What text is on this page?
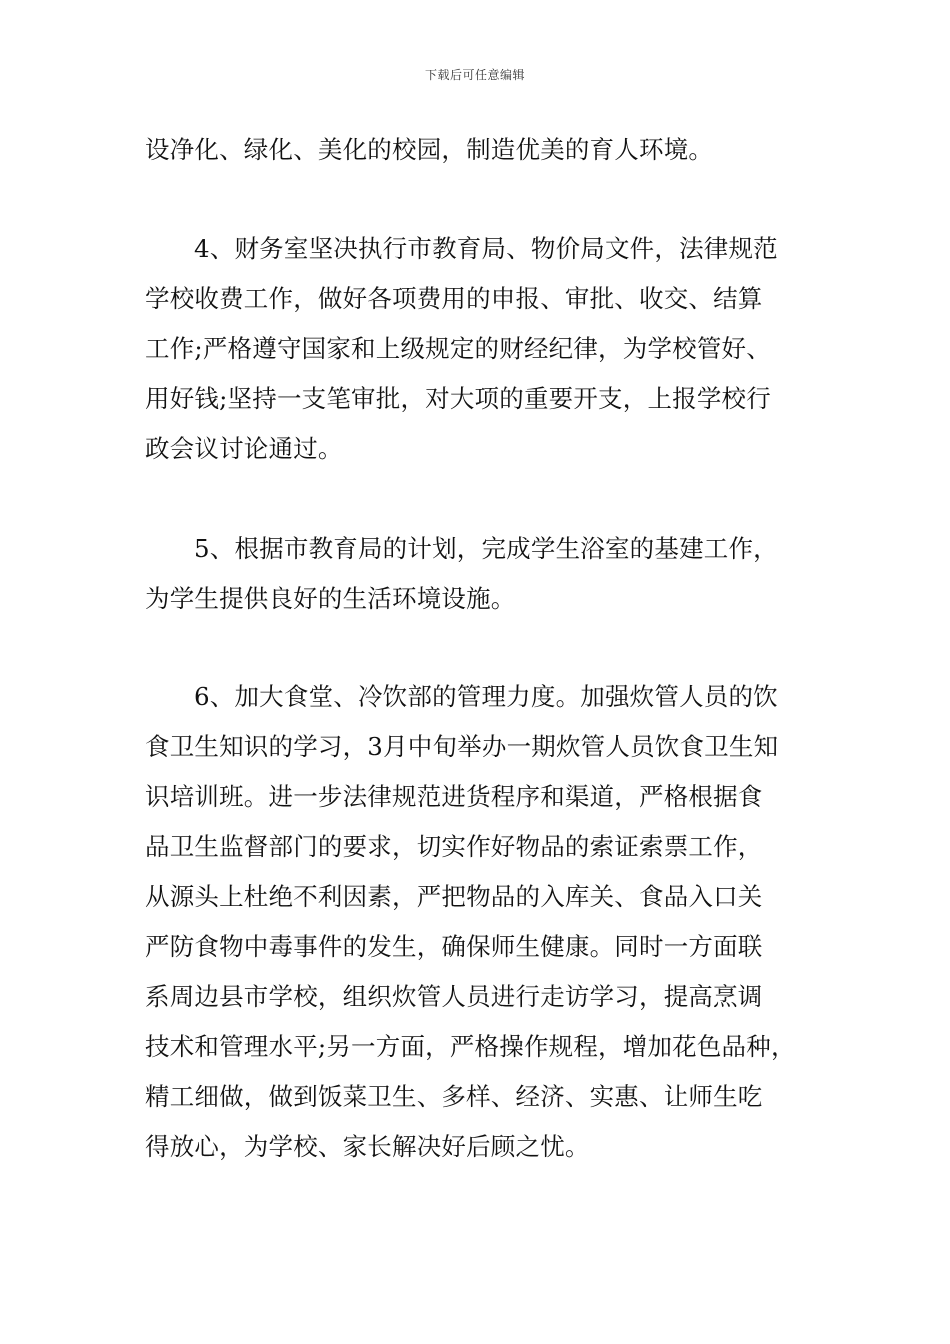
下载后可任意编辑
设净化、绿化、美化的校园，制造优美的育人环境。
4、财务室坚决执行市教育局、物价局文件，法律规范
学校收费工作，做好各项费用的申报、审批、收交、结算
工作;严格遵守国家和上级规定的财经纪律，为学校管好、
用好钱;坚持一支笔审批，对大项的重要开支，上报学校行
政会议讨论通过。
5、根据市教育局的计划，完成学生浴室的基建工作，
为学生提供良好的生活环境设施。
6、加大食堂、冷饮部的管理力度。加强炊管人员的饮
食卫生知识的学习，3月中旬举办一期炊管人员饮食卫生知
识培训班。进一步法律规范进货程序和渠道，严格根据食
品卫生监督部门的要求，切实作好物品的索证索票工作，
从源头上杜绝不利因素，严把物品的入库关、食品入口关
严防食物中毒事件的发生，确保师生健康。同时一方面联
系周边县市学校，组织炊管人员进行走访学习，提高烹调
技术和管理水平;另一方面，严格操作规程，增加花色品种，
精工细做，做到饭菜卫生、多样、经济、实惠、让师生吃
得放心，为学校、家长解决好后顾之忧。
